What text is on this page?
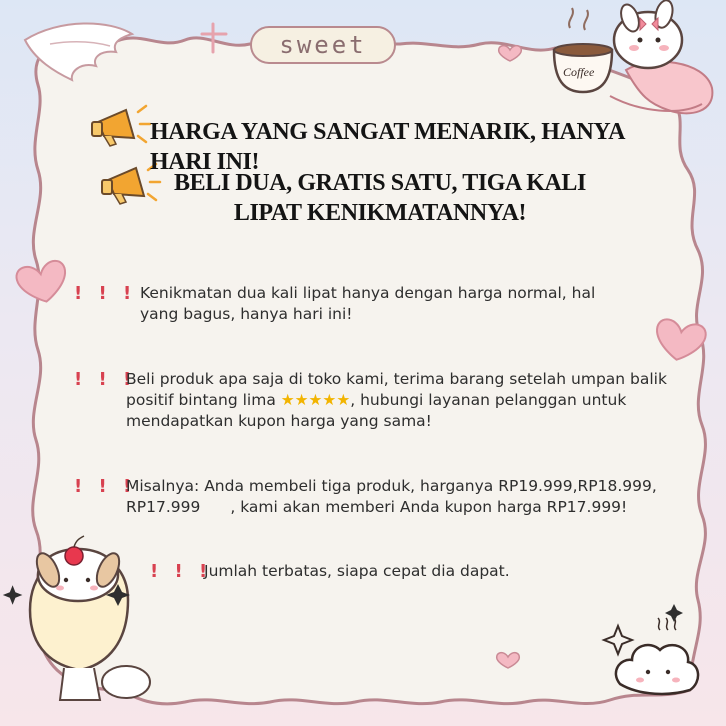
Coffee
sweet
HARGA YANG SANGAT MENARIK, HANYA HARI INI!
BELI DUA, GRATIS SATU, TIGA KALI LIPAT KENIKMATANNYA!
! ! ! Kenikmatan dua kali lipat hanya dengan harga normal, hal yang bagus, hanya hari ini!
! ! !
Beli produk apa saja di toko kami, terima barang setelah umpan balik positif bintang lima ★★★★★, hubungi layanan pelanggan untuk mendapatkan kupon harga yang sama!
! ! !
Misalnya: Anda membeli tiga produk, harganya RP19.999,RP18.999,
RP17.999 , kami akan memberi Anda kupon harga RP17.999!
! ! !
Jumlah terbatas, siapa cepat dia dapat.
